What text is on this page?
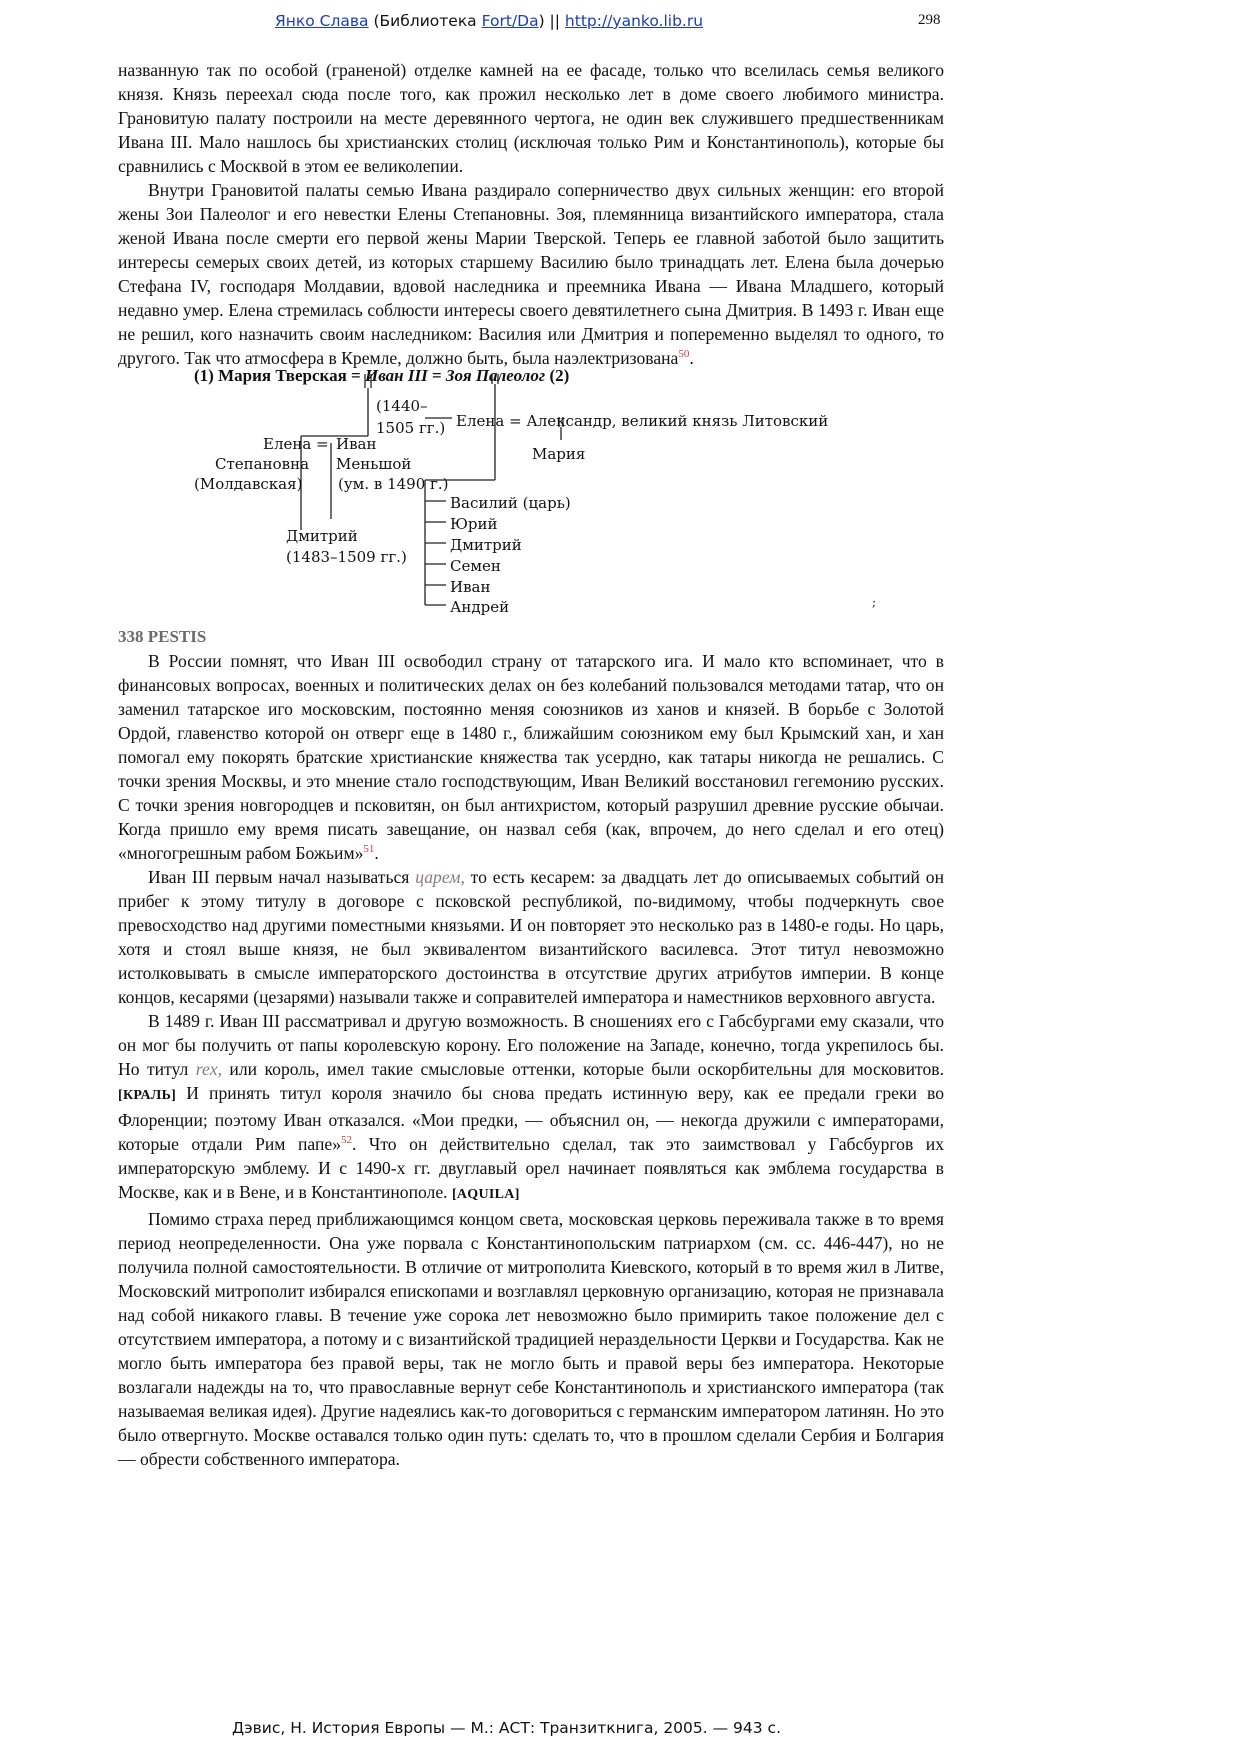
Янко Слава (Библиотека Fort/Da) || http://yanko.lib.ru	298

названную так по особой (граненой) отделке камней на ее фасаде, только что вселилась семья великого князя. Князь переехал сюда после того, как прожил несколько лет в доме своего любимого министра. Грановитую палату построили на месте деревянного чертога, не один век служившего предшественникам Ивана III. Мало нашлось бы христианских столиц (исключая только Рим и Константинополь), которые бы сравнились с Москвой в этом ее великолепии.

Внутри Грановитой палаты семью Ивана раздирало соперничество двух сильных женщин: его второй жены Зои Палеолог и его невестки Елены Степановны. Зоя, племянница византийского императора, стала женой Ивана после смерти его первой жены Марии Тверской. Теперь ее главной заботой было защитить интересы семерых своих детей, из которых старшему Василию было тринадцать лет. Елена была дочерью Стефана IV, господаря Молдавии, вдовой наследника и преемника Ивана — Ивана Младшего, который недавно умер. Елена стремилась соблюсти интересы своего девятилетнего сына Дмитрия. В 1493 г. Иван еще не решил, кого назначить своим наследником: Василия или Дмитрия и попеременно выделял то одного, то другого. Так что атмосфера в Кремле, должно быть, была наэлектризована$^{50}$.

(1) Мария Тверская = Иван III = Зоя Палеолог (2)
(1440–
1505 гг.) Елена = Александр, великий князь Литовский
Мария
Елена = Иван
Степановна Меньшой
(Молдавская) (ум. в 1490 г.)
Дмитрий
(1483–1509 гг.)
Василий (царь)
Юрий
Дмитрий
Семен
Иван
Андрей	;
338 PESTIS

В России помнят, что Иван III освободил страну от татарского ига. И мало кто вспоминает, что в финансовых вопросах, военных и политических делах он без колебаний пользовался методами татар, что он заменил татарское иго московским, постоянно меняя союзников из ханов и князей. В борьбе с Золотой Ордой, главенство которой он отверг еще в 1480 г., ближайшим союзником ему был Крымский хан, и хан помогал ему покорять братские христианские княжества так усердно, как татары никогда не решались. С точки зрения Москвы, и это мнение стало господствующим, Иван Великий восстановил гегемонию русских. С точки зрения новгородцев и псковитян, он был антихристом, который разрушил древние русские обычаи. Когда пришло ему время писать завещание, он назвал себя (как, впрочем, до него сделал и его отец) «многогрешным рабом Божьим»$^{51}$.

Иван III первым начал называться царем, то есть кесарем: за двадцать лет до описываемых событий он прибег к этому титулу в договоре с псковской республикой, по-видимому, чтобы подчеркнуть свое превосходство над другими поместными князьями. И он повторяет это несколько раз в 1480-е годы. Но царь, хотя и стоял выше князя, не был эквивалентом византийского василевса. Этот титул невозможно истолковывать в смысле императорского достоинства в отсутствие других атрибутов империи. В конце концов, кесарями (цезарями) называли также и соправителей императора и наместников верховного августа.

В 1489 г. Иван III рассматривал и другую возможность. В сношениях его с Габсбургами ему сказали, что он мог бы получить от папы королевскую корону. Его положение на Западе, конечно, тогда укрепилось бы. Но титул rex, или король, имел такие смысловые оттенки, которые были оскорбительны для московитов. [КРАЛЬ] И принять титул короля значило бы снова предать истинную веру, как ее предали греки во Флоренции; поэтому Иван отказался. «Мои предки, — объяснил он, — некогда дружили с императорами, которые отдали Рим папе»$^{52}$. Что он действительно сделал, так это заимствовал у Габсбургов их императорскую эмблему. И с 1490-х гг. двуглавый орел начинает появляться как эмблема государства в Москве, как и в Вене, и в Константинополе. [AQUILA]

Помимо страха перед приближающимся концом света, московская церковь переживала также в то время период неопределенности. Она уже порвала с Константинопольским патриархом (см. сс. 446-447), но не получила полной самостоятельности. В отличие от митрополита Киевского, который в то время жил в Литве, Московский митрополит избирался епископами и возглавлял церковную организацию, которая не признавала над собой никакого главы. В течение уже сорока лет невозможно было примирить такое положение дел с отсутствием императора, а потому и с византийской традицией нераздельности Церкви и Государства. Как не могло быть императора без правой веры, так не могло быть и правой веры без императора. Некоторые возлагали надежды на то, что православные вернут себе Константинополь и христианского императора (так называемая великая идея). Другие надеялись как-то договориться с германским императором латинян. Но это было отвергнуто. Москве оставался только один путь: сделать то, что в прошлом сделали Сербия и Болгария — обрести собственного императора.

Дэвис, Н. История Европы — М.: АСТ: Транзиткнига, 2005. — 943 с.
